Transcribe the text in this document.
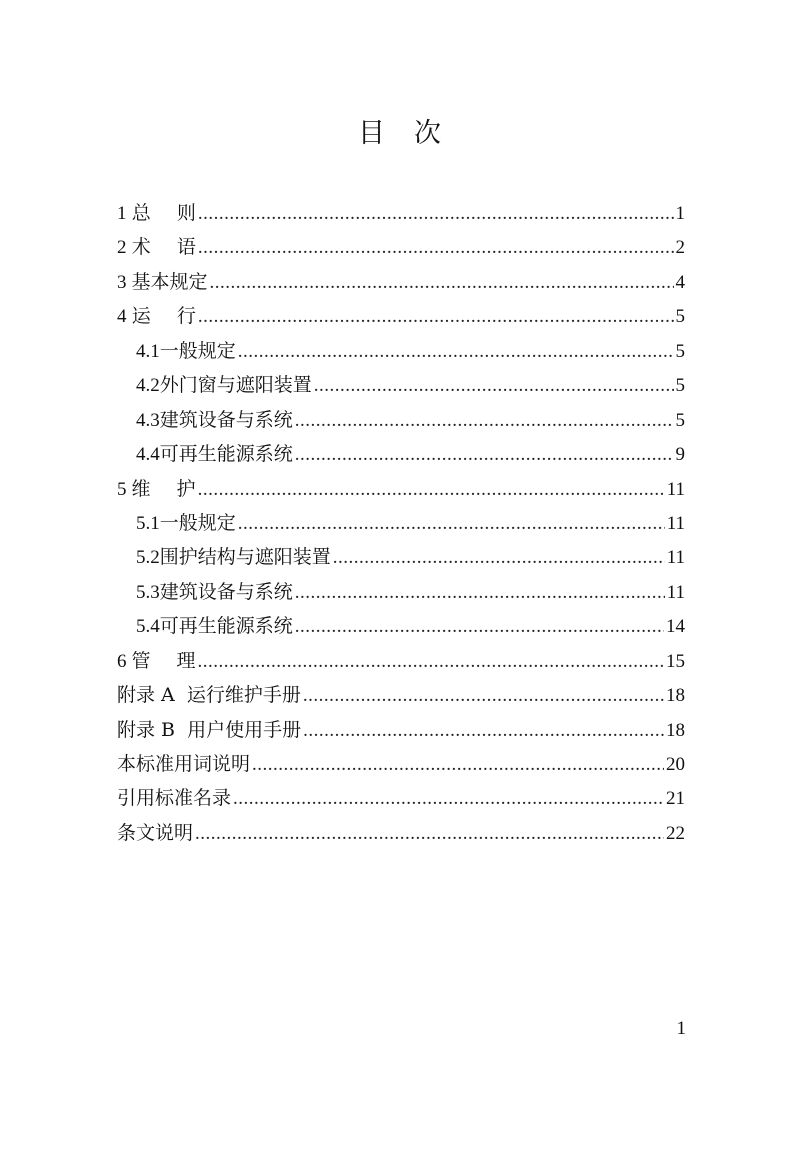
目 次
1 总 则 .....	1
2 术 语 .....	2
3 基本规定 .....	4
4 运 行 .....	5
4.1 一般规定 .....	5
4.2 外门窗与遮阳装置 .....	5
4.3 建筑设备与系统 .....	5
4.4 可再生能源系统 .....	9
5 维 护 .....	11
5.1 一般规定 .....	11
5.2 围护结构与遮阳装置 .....	11
5.3 建筑设备与系统 .....	11
5.4 可再生能源系统 .....	14
6 管 理 .....	15
附录 A  运行维护手册 .....	18
附录 B  用户使用手册 .....	18
本标准用词说明 .....	20
引用标准名录 .....	21
条文说明 .....	22
1
